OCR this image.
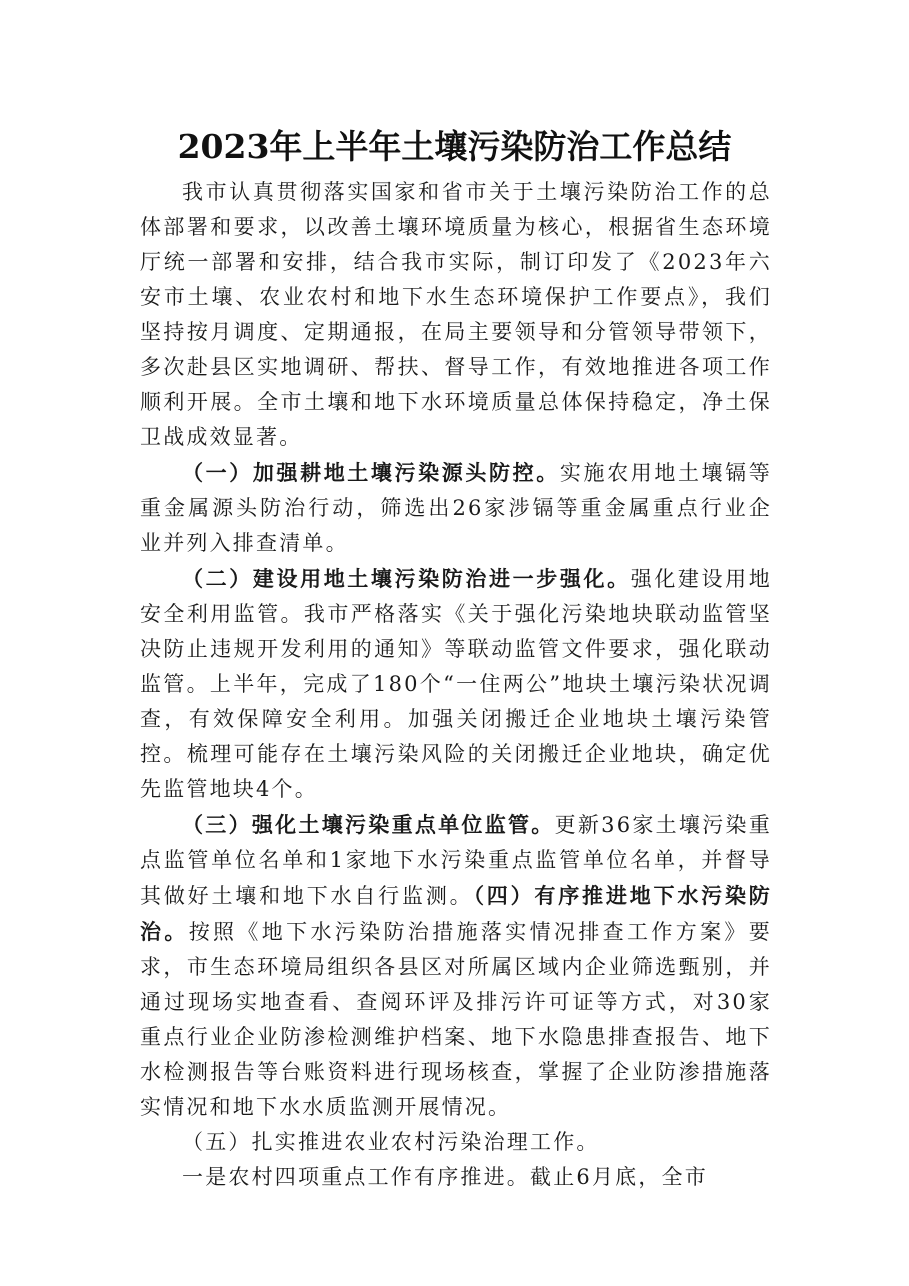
2023年上半年土壤污染防治工作总结

我市认真贯彻落实国家和省市关于土壤污染防治工作的总体部署和要求，以改善土壤环境质量为核心，根据省生态环境厅统一部署和安排，结合我市实际，制订印发了《2023年六安市土壤、农业农村和地下水生态环境保护工作要点》，我们坚持按月调度、定期通报，在局主要领导和分管领导带领下，多次赴县区实地调研、帮扶、督导工作，有效地推进各项工作顺利开展。全市土壤和地下水环境质量总体保持稳定，净土保卫战成效显著。

（一）加强耕地土壤污染源头防控。实施农用地土壤镉等重金属源头防治行动，筛选出26家涉镉等重金属重点行业企业并列入排查清单。

（二）建设用地土壤污染防治进一步强化。强化建设用地安全利用监管。我市严格落实《关于强化污染地块联动监管坚决防止违规开发利用的通知》等联动监管文件要求，强化联动监管。上半年，完成了180个“一住两公”地块土壤污染状况调查，有效保障安全利用。加强关闭搬迁企业地块土壤污染管控。梳理可能存在土壤污染风险的关闭搬迁企业地块，确定优先监管地块4个。

（三）强化土壤污染重点单位监管。更新36家土壤污染重点监管单位名单和1家地下水污染重点监管单位名单，并督导其做好土壤和地下水自行监测。（四）有序推进地下水污染防治。按照《地下水污染防治措施落实情况排查工作方案》要求，市生态环境局组织各县区对所属区域内企业筛选甄别，并通过现场实地查看、查阅环评及排污许可证等方式，对30家重点行业企业防渗检测维护档案、地下水隐患排查报告、地下水检测报告等台账资料进行现场核查，掌握了企业防渗措施落实情况和地下水水质监测开展情况。

（五）扎实推进农业农村污染治理工作。

一是农村四项重点工作有序推进。截止6月底，全市
